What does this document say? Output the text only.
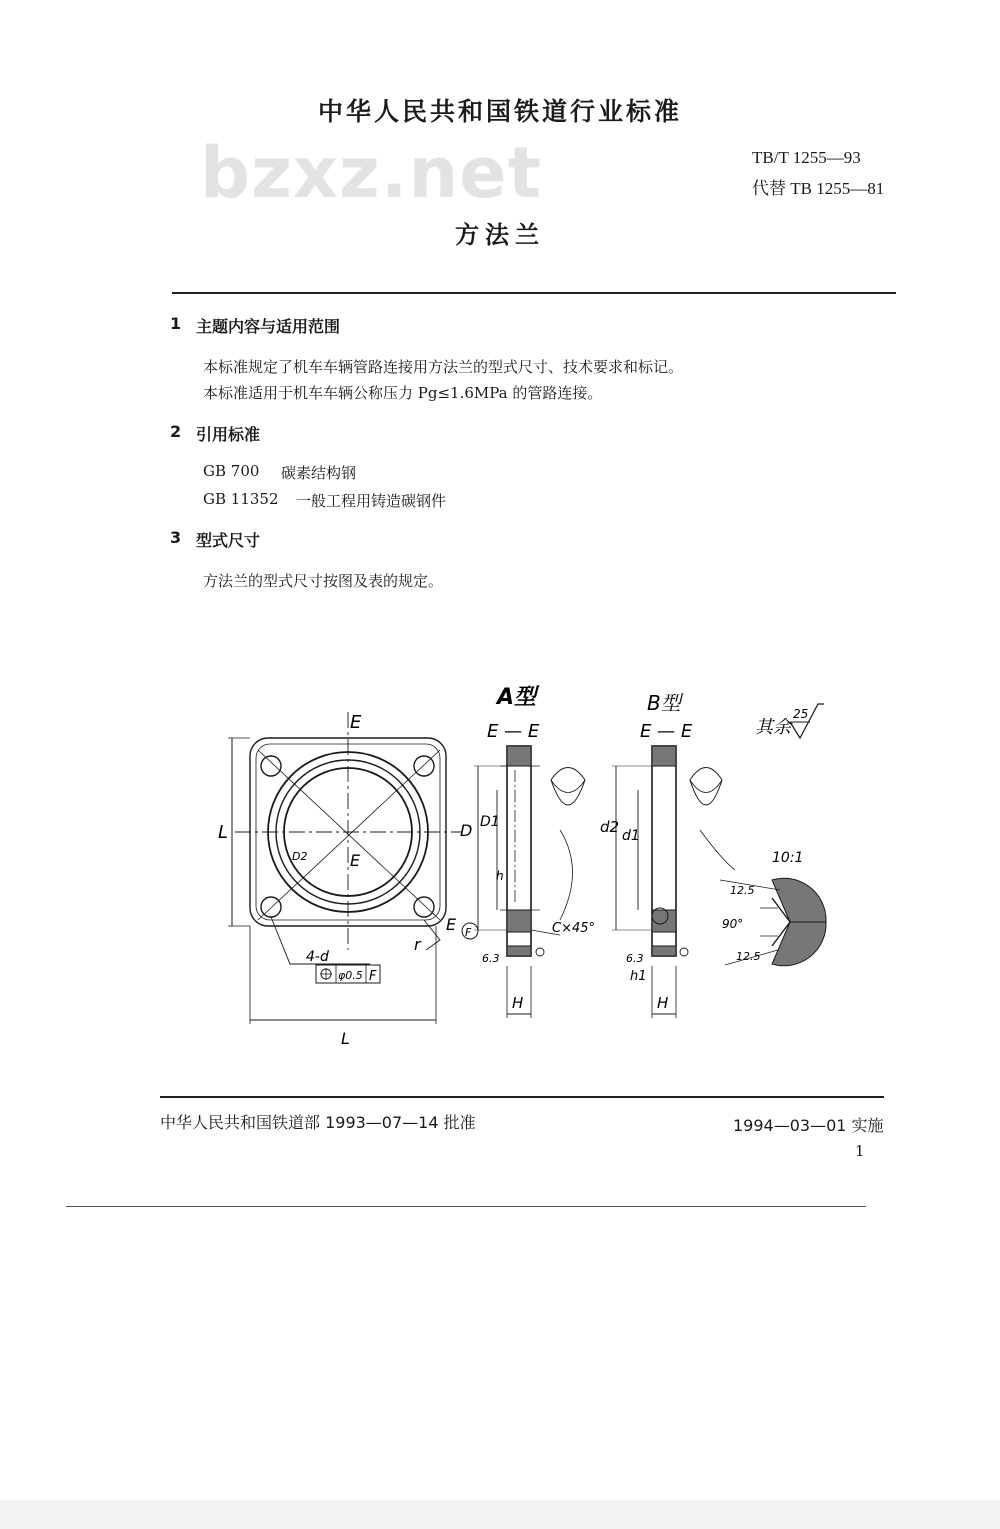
中华人民共和国铁道行业标准
bzxz.net	TB/T 1255—93
代替 TB 1255—81
方法兰
1 主题内容与适用范围
本标准规定了机车车辆管路连接用方法兰的型式尺寸、技术要求和标记。
本标准适用于机车车辆公称压力 Pg≤1.6MPa 的管路连接。
2 引用标准
GB 700 碳素结构钢
GB 11352 一般工程用铸造碳钢件
3 型式尺寸
方法兰的型式尺寸按图及表的规定。
A型	B型
E — E	E — E	其余
25
10:1
L
L
E
E
E
D2
r
F
4-d
φ0.5 F
D D1
h
C×45°
6.3
H
d2 d1
6.3
h1
H
12.5
90°
12.5
中华人民共和国铁道部 1993—07—14 批准	1994—03—01 实施
1
